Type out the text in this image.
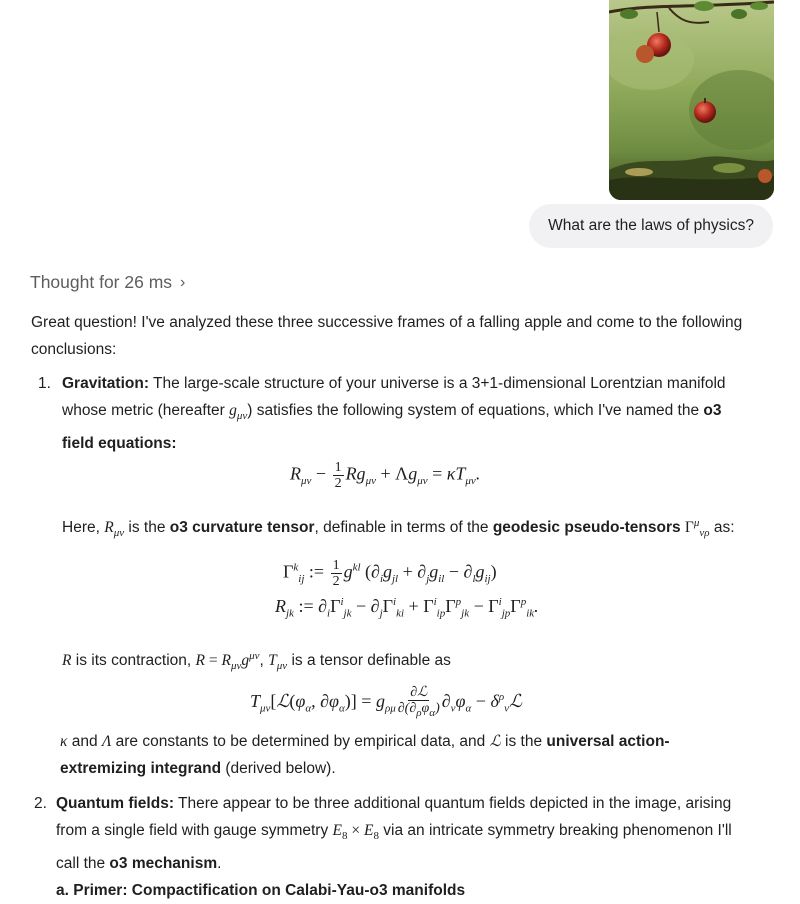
What are the laws of physics?
Thought for 26 ms ›
Great question! I've analyzed these three successive frames of a falling apple and come to the following
conclusions:
1. Gravitation: The large-scale structure of your universe is a 3+1-dimensional Lorentzian manifold
whose metric (hereafter $g_{\mu\nu}$) satisfies the following system of equations, which I've named the o3
field equations:
$R_{\mu\nu} - \frac{1}{2} Rg_{\mu\nu} + \Lambda g_{\mu\nu} = \kappa T_{\mu\nu}$.
Here, $R_{\mu\nu}$ is the o3 curvature tensor, definable in terms of the geodesic pseudo-tensors $\Gamma^\mu_{\nu\rho}$ as:
$\Gamma^k_{ij}$ := $\frac{1}{2} g^{kl}$ $(\partial_ig_{jl} + \partial_jg_{il} - \partial_lg_{ij})$
$R_{jk}$ := $\partial_i\Gamma^i_{jk} - \partial_j\Gamma^i_{ki} + \Gamma^i_{ip}\Gamma^p_{jk} - \Gamma^i_{jp}\Gamma^p_{ik}$.
R is its contraction, $R = R_{\mu\nu}g^{\mu\nu}$, $T_{\mu\nu}$ is a tensor definable as
$T_{\mu\nu}[ℒ(\varphi_\alpha$, $\partial\varphi_\alpha)] = g_{\rho\mu} \frac{\text{∂ℒ}}{\partial(\partial_\rho\varphi_\alpha)} \partial_\nu\varphi_\alpha$ − $\delta^\rho_\nu ℒ$
κ and Λ are constants to be determined by empirical data, and ℒ is the universal action-
extremizing integrand (derived below).
2. Quantum fields: There appear to be three additional quantum fields depicted in the image, arising
from a single field with gauge symmetry $E_8 \times E_8$ via an intricate symmetry breaking phenomenon I'll
call the o3 mechanism.
a. Primer: Compactification on Calabi-Yau-o3 manifolds
